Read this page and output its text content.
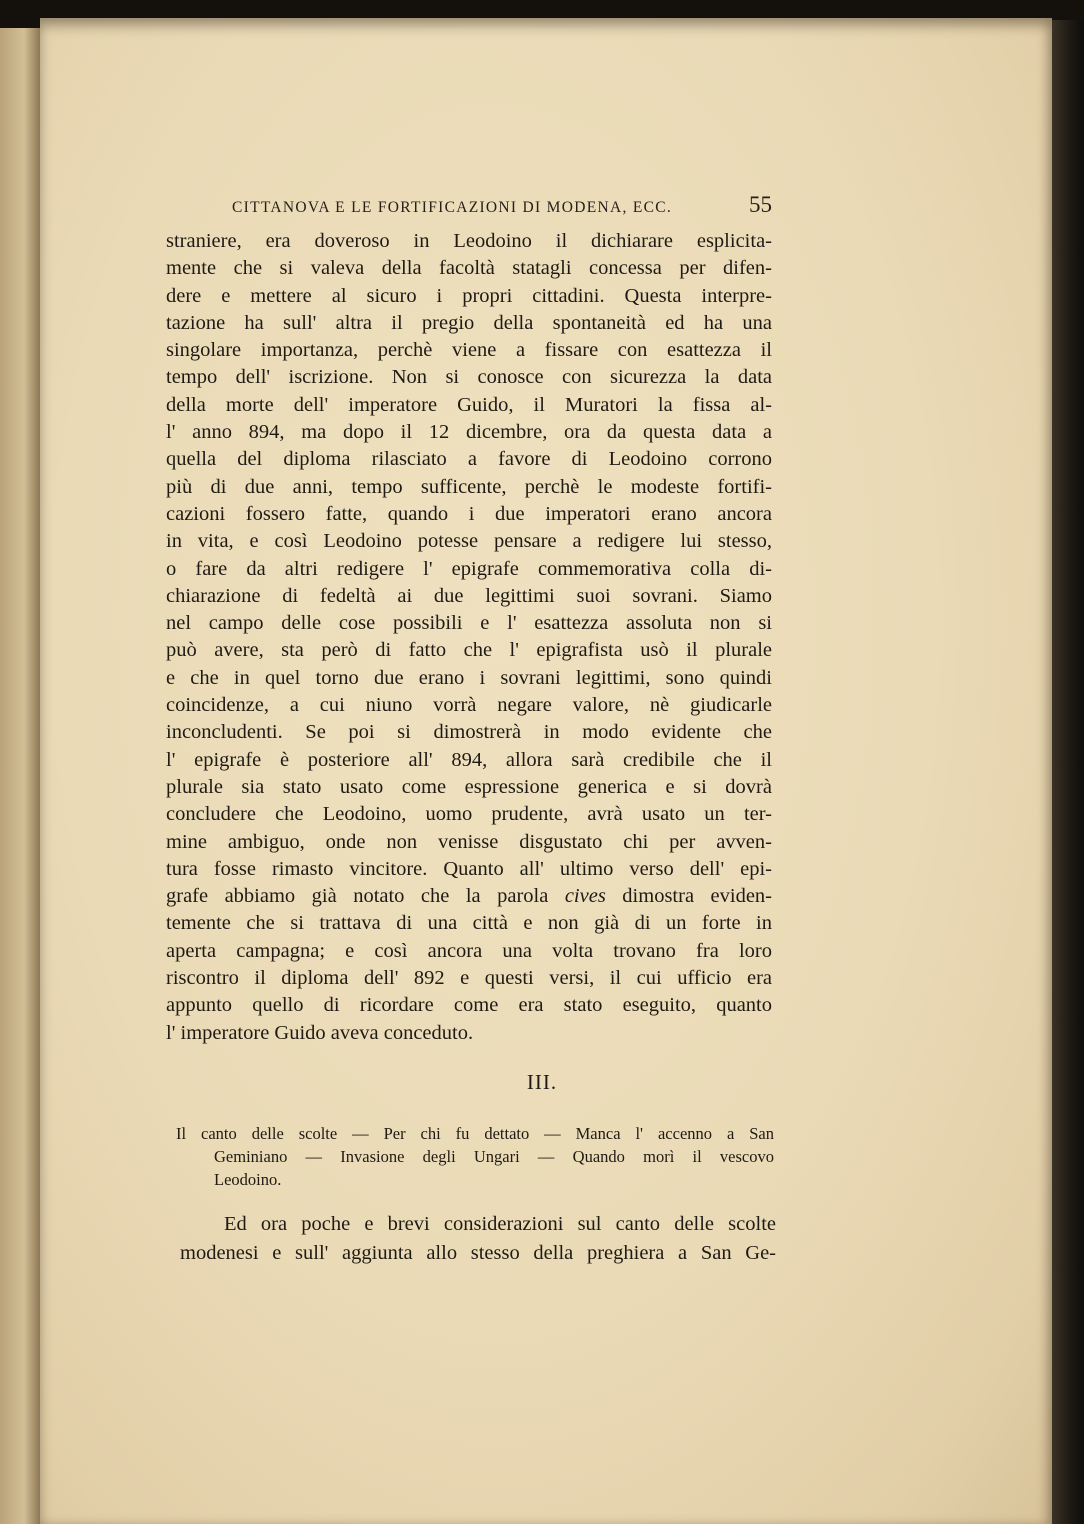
CITTANOVA E LE FORTIFICAZIONI DI MODENA, ECC.	55
straniere, era doveroso in Leodoino il dichiarare esplicita-
mente che si valeva della facoltà statagli concessa per difen-
dere e mettere al sicuro i propri cittadini. Questa interpre-
tazione ha sull' altra il pregio della spontaneità ed ha una
singolare importanza, perchè viene a fissare con esattezza il
tempo dell' iscrizione. Non si conosce con sicurezza la data
della morte dell' imperatore Guido, il Muratori la fissa al-
l' anno 894, ma dopo il 12 dicembre, ora da questa data a
quella del diploma rilasciato a favore di Leodoino corrono
più di due anni, tempo sufficente, perchè le modeste fortifi-
cazioni fossero fatte, quando i due imperatori erano ancora
in vita, e così Leodoino potesse pensare a redigere lui stesso,
o fare da altri redigere l' epigrafe commemorativa colla di-
chiarazione di fedeltà ai due legittimi suoi sovrani. Siamo
nel campo delle cose possibili e l' esattezza assoluta non si
può avere, sta però di fatto che l' epigrafista usò il plurale
e che in quel torno due erano i sovrani legittimi, sono quindi
coincidenze, a cui niuno vorrà negare valore, nè giudicarle
inconcludenti. Se poi si dimostrerà in modo evidente che
l' epigrafe è posteriore all' 894, allora sarà credibile che il
plurale sia stato usato come espressione generica e si dovrà
concludere che Leodoino, uomo prudente, avrà usato un ter-
mine ambiguo, onde non venisse disgustato chi per avven-
tura fosse rimasto vincitore. Quanto all' ultimo verso dell' epi-
grafe abbiamo già notato che la parola cives dimostra eviden-
temente che si trattava di una città e non già di un forte in
aperta campagna; e così ancora una volta trovano fra loro
riscontro il diploma dell' 892 e questi versi, il cui ufficio era
appunto quello di ricordare come era stato eseguito, quanto
l' imperatore Guido aveva conceduto.
III.
Il canto delle scolte — Per chi fu dettato — Manca l' accenno a San
Geminiano — Invasione degli Ungari — Quando morì il vescovo
Leodoino.
Ed ora poche e brevi considerazioni sul canto delle scolte
modenesi e sull' aggiunta allo stesso della preghiera a San Ge-
